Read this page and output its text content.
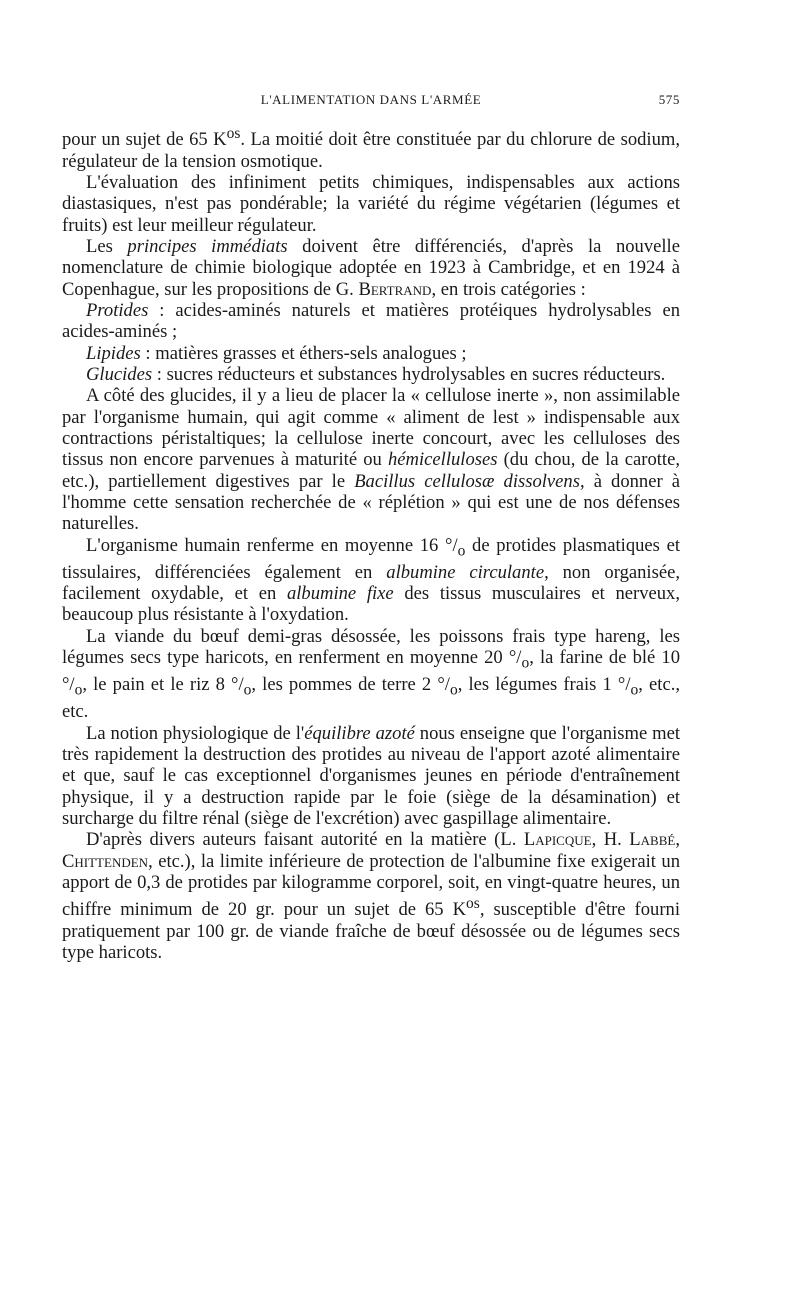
L'ALIMENTATION DANS L'ARMÉE	575

pour un sujet de 65 $K^{os}$. La moitié doit être constituée par du chlorure de sodium, régulateur de la tension osmotique.

L'évaluation des infiniment petits chimiques, indispensables aux actions diastasiques, n'est pas pondérable; la variété du régime végétarien (légumes et fruits) est leur meilleur régulateur.

Les principes immédiats doivent être différenciés, d'après la nouvelle nomenclature de chimie biologique adoptée en 1923 à Cambridge, et en 1924 à Copenhague, sur les propositions de G. Bertrand, en trois catégories :

Protides : acides-aminés naturels et matières protéiques hydrolysables en acides-aminés ;

Lipides : matières grasses et éthers-sels analogues ;

Glucides : sucres réducteurs et substances hydrolysables en sucres réducteurs.

A côté des glucides, il y a lieu de placer la « cellulose inerte », non assimilable par l'organisme humain, qui agit comme « aliment de lest » indispensable aux contractions péristaltiques; la cellulose inerte concourt, avec les celluloses des tissus non encore parvenues à maturité ou hémicelluloses (du chou, de la carotte, etc.), partiellement digestives par le Bacillus cellulosæ dissolvens, à donner à l'homme cette sensation recherchée de « réplétion » qui est une de nos défenses naturelles.

L'organisme humain renferme en moyenne 16 $^\circ/_o$ de protides plasmatiques et tissulaires, différenciées également en albumine circulante, non organisée, facilement oxydable, et en albumine fixe des tissus musculaires et nerveux, beaucoup plus résistante à l'oxydation.

La viande du bœuf demi-gras désossée, les poissons frais type hareng, les légumes secs type haricots, en renferment en moyenne 20 $^\circ/_o$, la farine de blé 10 $^\circ/_o$, le pain et le riz 8 $^\circ/_o$, les pommes de terre 2 $^\circ/_o$, les légumes frais 1 $^\circ/_o$, etc., etc.

La notion physiologique de l'équilibre azoté nous enseigne que l'organisme met très rapidement la destruction des protides au niveau de l'apport azoté alimentaire et que, sauf le cas exceptionnel d'organismes jeunes en période d'entraînement physique, il y a destruction rapide par le foie (siège de la désamination) et surcharge du filtre rénal (siège de l'excrétion) avec gaspillage alimentaire.

D'après divers auteurs faisant autorité en la matière (L. Lapicque, H. Labbé, Chittenden, etc.), la limite inférieure de protection de l'albumine fixe exigerait un apport de 0,3 de protides par kilogramme corporel, soit, en vingt-quatre heures, un chiffre minimum de 20 gr. pour un sujet de 65 $K^{os}$, susceptible d'être fourni pratiquement par 100 gr. de viande fraîche de bœuf désossée ou de légumes secs type haricots.
